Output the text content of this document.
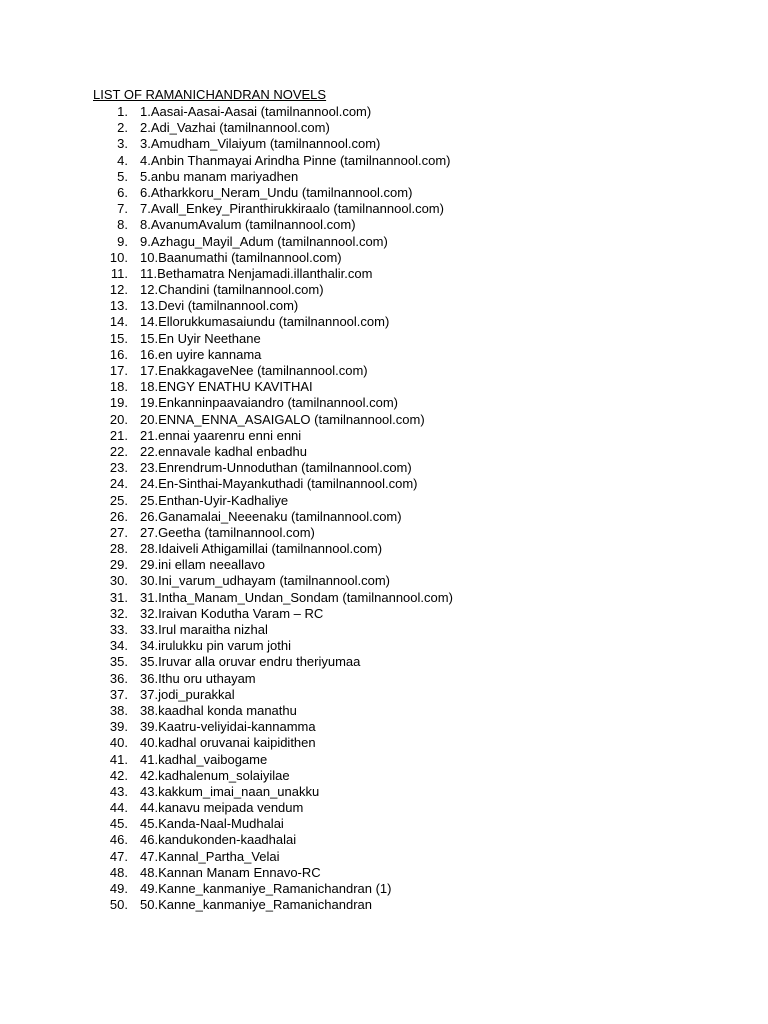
LIST OF RAMANICHANDRAN NOVELS
1. 1.Aasai-Aasai-Aasai (tamilnannool.com)
2. 2.Adi_Vazhai (tamilnannool.com)
3. 3.Amudham_Vilaiyum (tamilnannool.com)
4. 4.Anbin Thanmayai Arindha Pinne (tamilnannool.com)
5. 5.anbu manam mariyadhen
6. 6.Atharkkoru_Neram_Undu (tamilnannool.com)
7. 7.Avall_Enkey_Piranthirukkiraalo (tamilnannool.com)
8. 8.AvanumAvalum (tamilnannool.com)
9. 9.Azhagu_Mayil_Adum (tamilnannool.com)
10. 10.Baanumathi (tamilnannool.com)
11. 11.Bethamatra Nenjamadi.illanthalir.com
12. 12.Chandini (tamilnannool.com)
13. 13.Devi (tamilnannool.com)
14. 14.Ellorukkumasaiundu (tamilnannool.com)
15. 15.En Uyir Neethane
16. 16.en uyire kannama
17. 17.EnakkagaveNee (tamilnannool.com)
18. 18.ENGY ENATHU KAVITHAI
19. 19.Enkanninpaavaiandro (tamilnannool.com)
20. 20.ENNA_ENNA_ASAIGALO (tamilnannool.com)
21. 21.ennai yaarenru enni enni
22. 22.ennavale kadhal enbadhu
23. 23.Enrendrum-Unnoduthan (tamilnannool.com)
24. 24.En-Sinthai-Mayankuthadi (tamilnannool.com)
25. 25.Enthan-Uyir-Kadhaliye
26. 26.Ganamalai_Neeenaku (tamilnannool.com)
27. 27.Geetha (tamilnannool.com)
28. 28.Idaiveli Athigamillai (tamilnannool.com)
29. 29.ini ellam neeallavo
30. 30.Ini_varum_udhayam (tamilnannool.com)
31. 31.Intha_Manam_Undan_Sondam (tamilnannool.com)
32. 32.Iraivan Kodutha Varam – RC
33. 33.Irul maraitha nizhal
34. 34.irulukku pin varum jothi
35. 35.Iruvar alla oruvar endru theriyumaa
36. 36.Ithu oru uthayam
37. 37.jodi_purakkal
38. 38.kaadhal konda manathu
39. 39.Kaatru-veliyidai-kannamma
40. 40.kadhal oruvanai kaipidithen
41. 41.kadhal_vaibogame
42. 42.kadhalenum_solaiyilae
43. 43.kakkum_imai_naan_unakku
44. 44.kanavu meipada vendum
45. 45.Kanda-Naal-Mudhalai
46. 46.kandukonden-kaadhalai
47. 47.Kannal_Partha_Velai
48. 48.Kannan Manam Ennavo-RC
49. 49.Kanne_kanmaniye_Ramanichandran (1)
50. 50.Kanne_kanmaniye_Ramanichandran
